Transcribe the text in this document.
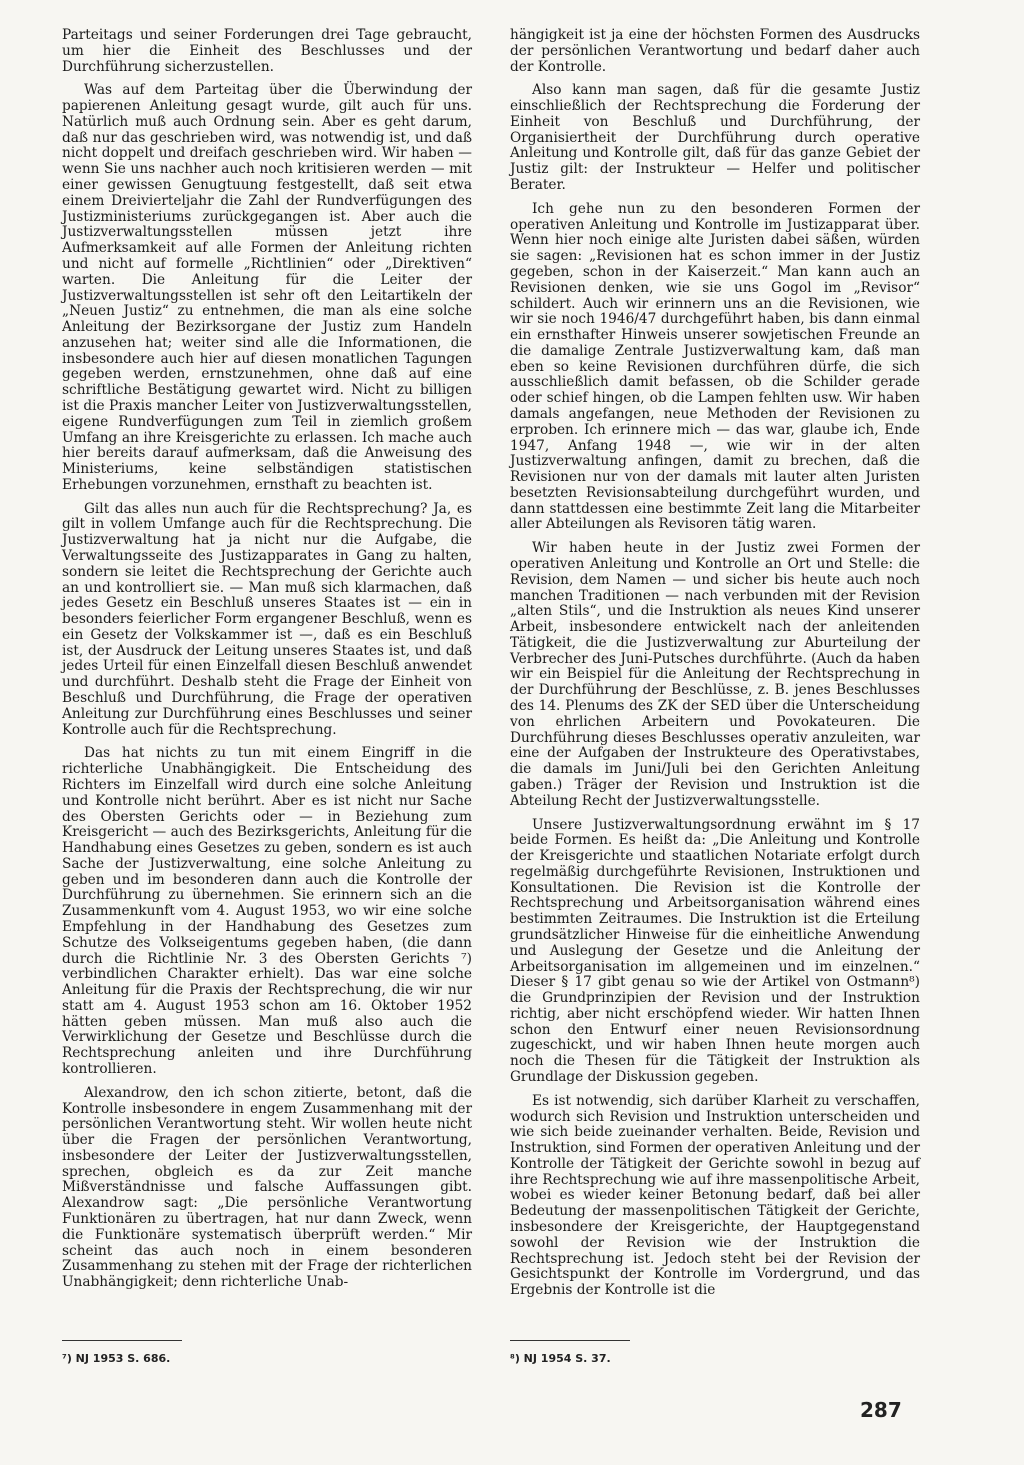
Parteitags und seiner Forderungen drei Tage gebraucht, um hier die Einheit des Beschlusses und der Durchführung sicherzustellen.

Was auf dem Parteitag über die Überwindung der papierenen Anleitung gesagt wurde, gilt auch für uns. Natürlich muß auch Ordnung sein. Aber es geht darum, daß nur das geschrieben wird, was notwendig ist, und daß nicht doppelt und dreifach geschrieben wird. Wir haben — wenn Sie uns nachher auch noch kritisieren werden — mit einer gewissen Genugtuung festgestellt, daß seit etwa einem Dreivierteljahr die Zahl der Rundverfügungen des Justizministeriums zurückgegangen ist. Aber auch die Justizverwaltungsstellen müssen jetzt ihre Aufmerksamkeit auf alle Formen der Anleitung richten und nicht auf formelle „Richtlinien“ oder „Direktiven“ warten. Die Anleitung für die Leiter der Justizverwaltungsstellen ist sehr oft den Leitartikeln der „Neuen Justiz“ zu entnehmen, die man als eine solche Anleitung der Bezirksorgane der Justiz zum Handeln anzusehen hat; weiter sind alle die Informationen, die insbesondere auch hier auf diesen monatlichen Tagungen gegeben werden, ernstzunehmen, ohne daß auf eine schriftliche Bestätigung gewartet wird. Nicht zu billigen ist die Praxis mancher Leiter von Justizverwaltungsstellen, eigene Rundverfügungen zum Teil in ziemlich großem Umfang an ihre Kreisgerichte zu erlassen. Ich mache auch hier bereits darauf aufmerksam, daß die Anweisung des Ministeriums, keine selbständigen statistischen Erhebungen vorzunehmen, ernsthaft zu beachten ist.

Gilt das alles nun auch für die Rechtsprechung? Ja, es gilt in vollem Umfange auch für die Rechtsprechung. Die Justizverwaltung hat ja nicht nur die Aufgabe, die Verwaltungsseite des Justizapparates in Gang zu halten, sondern sie leitet die Rechtsprechung der Gerichte auch an und kontrolliert sie. — Man muß sich klarmachen, daß jedes Gesetz ein Beschluß unseres Staates ist — ein in besonders feierlicher Form ergangener Beschluß, wenn es ein Gesetz der Volkskammer ist —, daß es ein Beschluß ist, der Ausdruck der Leitung unseres Staates ist, und daß jedes Urteil für einen Einzelfall diesen Beschluß anwendet und durchführt. Deshalb steht die Frage der Einheit von Beschluß und Durchführung, die Frage der operativen Anleitung zur Durchführung eines Beschlusses und seiner Kontrolle auch für die Rechtsprechung.

Das hat nichts zu tun mit einem Eingriff in die richterliche Unabhängigkeit. Die Entscheidung des Richters im Einzelfall wird durch eine solche Anleitung und Kontrolle nicht berührt. Aber es ist nicht nur Sache des Obersten Gerichts oder — in Beziehung zum Kreisgericht — auch des Bezirksgerichts, Anleitung für die Handhabung eines Gesetzes zu geben, sondern es ist auch Sache der Justizverwaltung, eine solche Anleitung zu geben und im besonderen dann auch die Kontrolle der Durchführung zu übernehmen. Sie erinnern sich an die Zusammenkunft vom 4. August 1953, wo wir eine solche Empfehlung in der Handhabung des Gesetzes zum Schutze des Volkseigentums gegeben haben, (die dann durch die Richtlinie Nr. 3 des Obersten Gerichts ⁷) verbindlichen Charakter erhielt). Das war eine solche Anleitung für die Praxis der Rechtsprechung, die wir nur statt am 4. August 1953 schon am 16. Oktober 1952 hätten geben müssen. Man muß also auch die Verwirklichung der Gesetze und Beschlüsse durch die Rechtsprechung anleiten und ihre Durchführung kontrollieren.

Alexandrow, den ich schon zitierte, betont, daß die Kontrolle insbesondere in engem Zusammenhang mit der persönlichen Verantwortung steht. Wir wollen heute nicht über die Fragen der persönlichen Verantwortung, insbesondere der Leiter der Justizverwaltungsstellen, sprechen, obgleich es da zur Zeit manche Mißverständnisse und falsche Auffassungen gibt. Alexandrow sagt: „Die persönliche Verantwortung Funktionären zu übertragen, hat nur dann Zweck, wenn die Funktionäre systematisch überprüft werden.“ Mir scheint das auch noch in einem besonderen Zusammenhang zu stehen mit der Frage der richterlichen Unabhängigkeit; denn richterliche Unab-

hängigkeit ist ja eine der höchsten Formen des Ausdrucks der persönlichen Verantwortung und bedarf daher auch der Kontrolle.

Also kann man sagen, daß für die gesamte Justiz einschließlich der Rechtsprechung die Forderung der Einheit von Beschluß und Durchführung, der Organisiertheit der Durchführung durch operative Anleitung und Kontrolle gilt, daß für das ganze Gebiet der Justiz gilt: der Instrukteur — Helfer und politischer Berater.

Ich gehe nun zu den besonderen Formen der operativen Anleitung und Kontrolle im Justizapparat über. Wenn hier noch einige alte Juristen dabei säßen, würden sie sagen: „Revisionen hat es schon immer in der Justiz gegeben, schon in der Kaiserzeit.“ Man kann auch an Revisionen denken, wie sie uns Gogol im „Revisor“ schildert. Auch wir erinnern uns an die Revisionen, wie wir sie noch 1946/47 durchgeführt haben, bis dann einmal ein ernsthafter Hinweis unserer sowjetischen Freunde an die damalige Zentrale Justizverwaltung kam, daß man eben so keine Revisionen durchführen dürfe, die sich ausschließlich damit befassen, ob die Schilder gerade oder schief hingen, ob die Lampen fehlten usw. Wir haben damals angefangen, neue Methoden der Revisionen zu erproben. Ich erinnere mich — das war, glaube ich, Ende 1947, Anfang 1948 —, wie wir in der alten Justizverwaltung anfingen, damit zu brechen, daß die Revisionen nur von der damals mit lauter alten Juristen besetzten Revisionsabteilung durchgeführt wurden, und dann stattdessen eine bestimmte Zeit lang die Mitarbeiter aller Abteilungen als Revisoren tätig waren.

Wir haben heute in der Justiz zwei Formen der operativen Anleitung und Kontrolle an Ort und Stelle: die Revision, dem Namen — und sicher bis heute auch noch manchen Traditionen — nach verbunden mit der Revision „alten Stils“, und die Instruktion als neues Kind unserer Arbeit, insbesondere entwickelt nach der anleitenden Tätigkeit, die die Justizverwaltung zur Aburteilung der Verbrecher des Juni-Putsches durchführte. (Auch da haben wir ein Beispiel für die Anleitung der Rechtsprechung in der Durchführung der Beschlüsse, z. B. jenes Beschlusses des 14. Plenums des ZK der SED über die Unterscheidung von ehrlichen Arbeitern und Povokateuren. Die Durchführung dieses Beschlusses operativ anzuleiten, war eine der Aufgaben der Instrukteure des Operativstabes, die damals im Juni/Juli bei den Gerichten Anleitung gaben.) Träger der Revision und Instruktion ist die Abteilung Recht der Justizverwaltungsstelle.

Unsere Justizverwaltungsordnung erwähnt im § 17 beide Formen. Es heißt da: „Die Anleitung und Kontrolle der Kreisgerichte und staatlichen Notariate erfolgt durch regelmäßig durchgeführte Revisionen, Instruktionen und Konsultationen. Die Revision ist die Kontrolle der Rechtsprechung und Arbeitsorganisation während eines bestimmten Zeitraumes. Die Instruktion ist die Erteilung grundsätzlicher Hinweise für die einheitliche Anwendung und Auslegung der Gesetze und die Anleitung der Arbeitsorganisation im allgemeinen und im einzelnen.“ Dieser § 17 gibt genau so wie der Artikel von Ostmann⁸) die Grundprinzipien der Revision und der Instruktion richtig, aber nicht erschöpfend wieder. Wir hatten Ihnen schon den Entwurf einer neuen Revisionsordnung zugeschickt, und wir haben Ihnen heute morgen auch noch die Thesen für die Tätigkeit der Instruktion als Grundlage der Diskussion gegeben.

Es ist notwendig, sich darüber Klarheit zu verschaffen, wodurch sich Revision und Instruktion unterscheiden und wie sich beide zueinander verhalten. Beide, Revision und Instruktion, sind Formen der operativen Anleitung und der Kontrolle der Tätigkeit der Gerichte sowohl in bezug auf ihre Rechtsprechung wie auf ihre massenpolitische Arbeit, wobei es wieder keiner Betonung bedarf, daß bei aller Bedeutung der massenpolitischen Tätigkeit der Gerichte, insbesondere der Kreisgerichte, der Hauptgegenstand sowohl der Revision wie der Instruktion die Rechtsprechung ist. Jedoch steht bei der Revision der Gesichtspunkt der Kontrolle im Vordergrund, und das Ergebnis der Kontrolle ist die

⁷) NJ 1953 S. 686.	⁸) NJ 1954 S. 37.
287
